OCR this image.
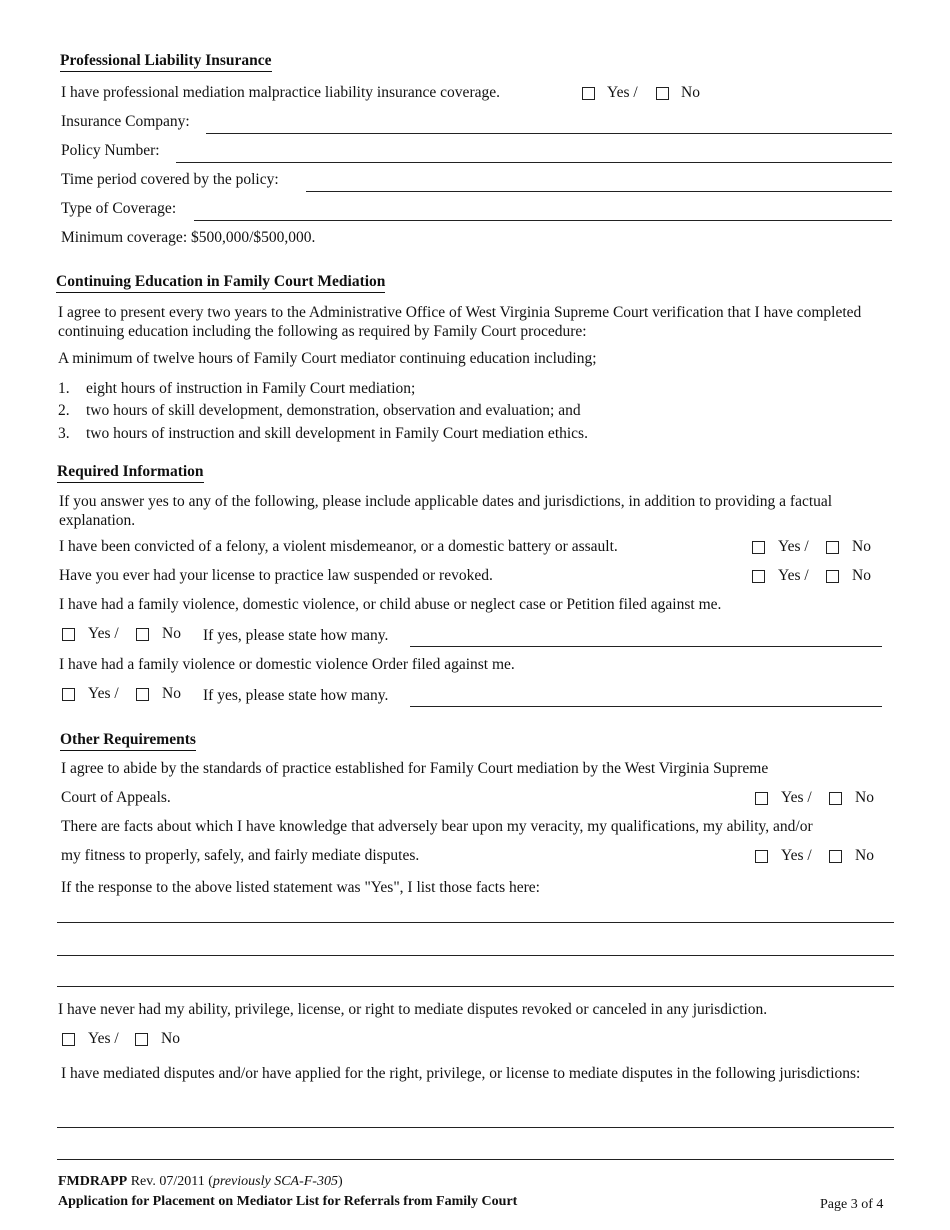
Professional Liability Insurance
I have professional mediation malpractice liability insurance coverage.	Yes /	No
Insurance Company:
Policy Number:
Time period covered by the policy:
Type of Coverage:
Minimum coverage: $500,000/$500,000.
Continuing Education in Family Court Mediation
I agree to present every two years to the Administrative Office of West Virginia Supreme Court verification that I have completed continuing education including the following as required by Family Court procedure:
A minimum of twelve hours of Family Court mediator continuing education including;
1. eight hours of instruction in Family Court mediation;
2. two hours of skill development, demonstration, observation and evaluation; and
3. two hours of instruction and skill development in Family Court mediation ethics.
Required Information
If you answer yes to any of the following, please include applicable dates and jurisdictions, in addition to providing a factual explanation.
I have been convicted of a felony, a violent misdemeanor, or a domestic battery or assault.	Yes /	No
Have you ever had your license to practice law suspended or revoked.	Yes /	No
I have had a family violence, domestic violence, or child abuse or neglect case or Petition filed against me.
Yes /	No If yes, please state how many.
I have had a family violence or domestic violence Order filed against me.
Yes /	No If yes, please state how many.
Other Requirements
I agree to abide by the standards of practice established for Family Court mediation by the West Virginia Supreme
Court of Appeals.	Yes /	No
There are facts about which I have knowledge that adversely bear upon my veracity, my qualifications, my ability, and/or
my fitness to properly, safely, and fairly mediate disputes.	Yes /	No
If the response to the above listed statement was "Yes", I list those facts here:
I have never had my ability, privilege, license, or right to mediate disputes revoked or canceled in any jurisdiction.
Yes /	No
I have mediated disputes and/or have applied for the right, privilege, or license to mediate disputes in the following jurisdictions:
FMDRAPP Rev. 07/2011 (previously SCA-F-305)
Application for Placement on Mediator List for Referrals from Family Court	Page 3 of 4
